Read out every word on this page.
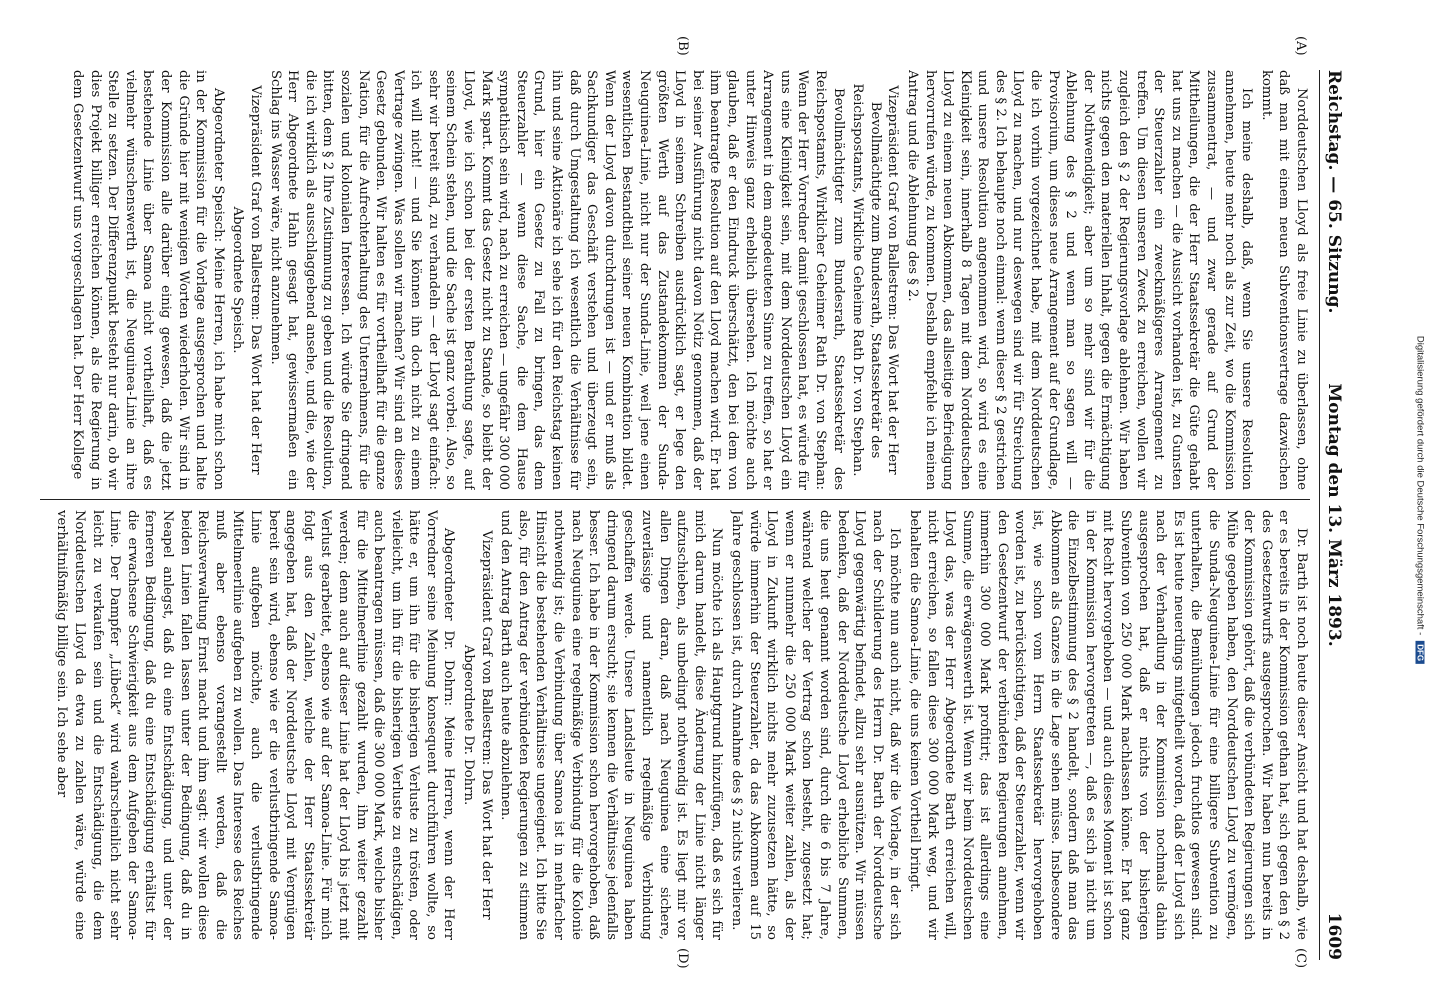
Reichstag. — 65. Sitzung.
Montag den 13. März 1893.
1609
(A)
(B)
(C)
(D)

Norddeutschen Lloyd als freie Linie zu überlassen, ohne daß man mit einem neuen Subventionsvertrage dazwischen kommt.

Ich meine deshalb, daß, wenn Sie unsere Resolution annehmen, heute mehr noch als zur Zeit, wo die Kommission zusammentrat, — und zwar gerade auf Grund der Mittheilungen, die der Herr Staatssekretär die Güte gehabt hat uns zu machen — die Aussicht vorhanden ist, zu Gunsten der Steuerzahler ein zweckmäßigeres Arrangement zu treffen. Um diesen unseren Zweck zu erreichen, wollen wir zugleich den § 2 der Regierungsvorlage ablehnen. Wir haben nichts gegen den materiellen Inhalt, gegen die Ermächtigung der Nothwendigkeit; aber um so mehr sind wir für die Ablehnung des § 2 und wenn man so sagen will — Provisorium, um dieses neue Arrangement auf der Grundlage, die ich vorhin vorgezeichnet habe, mit dem Norddeutschen Lloyd zu machen, und nur deswegen sind wir für Streichung des § 2. Ich behaupte noch einmal: wenn dieser § 2 gestrichen und unsere Resolution angenommen wird, so wird es eine Kleinigkeit sein, innerhalb 8 Tagen mit dem Norddeutschen Lloyd zu einem neuen Abkommen, das allseitige Befriedigung hervorrufen würde, zu kommen. Deshalb empfehle ich meinen Antrag und die Ablehnung des § 2.

Vizepräsident Graf von Ballestrem: Das Wort hat der Herr Bevollmächtigte zum Bundesrath, Staatssekretär des Reichspostamts, Wirkliche Geheime Rath Dr. von Stephan.

Bevollmächtigter zum Bundesrath, Staatssekretär des Reichspostamts, Wirklicher Geheimer Rath Dr. von Stephan: Wenn der Herr Vorredner damit geschlossen hat, es würde für uns eine Kleinigkeit sein, mit dem Norddeutschen Lloyd ein Arrangement in dem angedeuteten Sinne zu treffen, so hat er unter Hinweis ganz erheblich übersehen. Ich möchte auch glauben, daß er den Eindruck überschätzt, den bei dem von ihm beantragte Resolution auf den Lloyd machen wird. Er hat bei seiner Ausführung nicht davon Notiz genommen, daß der Lloyd in seinem Schreiben ausdrücklich sagt, er lege den größten Werth auf das Zustandekommen der Sunda-Neuguinea-Linie, nicht nur der Sunda-Linie, weil jene einen wesentlichen Bestandtheil seiner neuen Kombination bildet. Wenn der Lloyd davon durchdrungen ist — und er muß als Sachkundiger das Geschäft verstehen und überzeugt sein, daß durch Umgestaltung ich wesentlich die Verhältnisse für ihn und seine Aktionäre ich sehe ich für den Reichstag keinen Grund, hier ein Gesetz zu Fall zu bringen, das dem Steuerzahler — wenn diese Sache, die dem Hause sympathisch sein wird, nach zu erreichen — ungefähr 300 000 Mark spart. Kommt das Gesetz nicht zu Stande, so bleibt der Lloyd, wie ich schon bei der ersten Berathung sagte, auf seinem Schein stehen, und die Sache ist ganz vorbei. Also, so sehr wir bereit sind, zu verhandeln — der Lloyd sagt einfach: ich will nicht! — und Sie können ihn doch nicht zu einem Vertrage zwingen. Was sollen wir machen? Wir sind an dieses Gesetz gebunden. Wir halten es für vortheilhaft für die ganze Nation, für die Aufrechterhaltung des Unternehmens, für die sozialen und kolonialen Interessen. Ich würde Sie dringend bitten, dem § 2 Ihre Zustimmung zu geben und die Resolution, die ich wirklich als ausschlaggebend ansehe, und die, wie der Herr Abgeordnete Hahn gesagt hat, gewissermaßen ein Schlag ins Wasser wäre, nicht anzunehmen.

Vizepräsident Graf von Ballestrem: Das Wort hat der Herr Abgeordnete Speisch.

Abgeordneter Speisch: Meine Herren, ich habe mich schon in der Kommission für die Vorlage ausgesprochen und halte die Gründe hier mit wenigen Worten wiederholen. Wir sind in der Kommission alle darüber einig gewesen, daß die jetzt bestehende Linie über Samoa nicht vortheilhaft, daß es vielmehr wünschenswerth ist, die Neuguinea-Linie an ihre Stelle zu setzen. Der Differenzpunkt besteht nur darin, ob wir dies Projekt billiger erreichen können, als die Regierung in dem Gesetzentwurf uns vorgeschlagen hat. Der Herr Kollege

Dr. Barth ist noch heute dieser Ansicht und hat deshalb, wie er es bereits in der Kommission gethan hat, sich gegen den § 2 des Gesetzentwurfs ausgesprochen. Wir haben nun bereits in der Kommission gehört, daß die verbündeten Regierungen sich Mühe gegeben haben, den Norddeutschen Lloyd zu vermögen, die Sunda-Neuguinea-Linie für eine billigere Subvention zu unterhalten, die Bemühungen jedoch fruchtlos gewesen sind. Es ist heute neuerdings mitgetheilt worden, daß der Lloyd sich nach der Verhandlung in der Kommission nochmals dahin ausgesprochen hat, daß er nichts von der bisherigen Subvention von 250 000 Mark nachlassen könne. Er hat ganz mit Recht hervorgehoben — und auch dieses Moment ist schon in der Kommission hervorgetreten —, daß es sich ja nicht um die Einzelbestimmung des § 2 handelt, sondern daß man das Abkommen als Ganzes in die Lage sehen müsse. Insbesondere ist, wie schon vom Herrn Staatssekretär hervorgehoben worden ist, zu berücksichtigen, daß der Steuerzahler, wenn wir den Gesetzentwurf der verbündeten Regierungen annehmen, immerhin 300 000 Mark profitirt; das ist allerdings eine Summe, die erwägenswerth ist. Wenn wir beim Norddeutschen Lloyd das, was der Herr Abgeordnete Barth erreichen will, nicht erreichen, so fallen diese 300 000 Mark weg, und wir behalten die Samoa-Linie, die uns keinen Vortheil bringt.

Ich möchte nun auch nicht, daß wir die Vorlage, in der sich nach der Schilderung des Herrn Dr. Barth der Norddeutsche Lloyd gegenwärtig befindet, allzu sehr ausnützen. Wir müssen bedenken, daß der Norddeutsche Lloyd erhebliche Summen, die uns heut genannt worden sind, durch die 6 bis 7 Jahre, während welcher der Vertrag schon besteht, zugesetzt hat; wenn er nunmehr die 250 000 Mark weiter zahlen, als der Lloyd in Zukunft wirklich nichts mehr zuzusetzen hätte, so würde immerhin der Steuerzahler, da das Abkommen auf 15 Jahre geschlossen ist, durch Annahme des § 2 nichts verlieren.

Nun möchte ich als Hauptgrund hinzufügen, daß es sich für mich darum handelt, diese Änderung der Linie nicht länger aufzuschieben, als unbedingt nothwendig ist. Es liegt mir vor allen Dingen daran, daß nach Neuguinea eine sichere, zuverlässige und namentlich regelmäßige Verbindung geschaffen werde. Unsere Landsleute in Neuguinea haben dringend darum ersucht; sie kennen die Verhältnisse jedenfalls besser. Ich habe in der Kommission schon hervorgehoben, daß nach Neuguinea eine regelmäßige Verbindung für die Kolonie nothwendig ist; die Verbindung über Samoa ist in mehrfacher Hinsicht die bestehenden Verhältnisse ungeeignet. Ich bitte Sie also, für den Antrag der verbündeten Regierungen zu stimmen und den Antrag Barth auch heute abzulehnen.

Vizepräsident Graf von Ballestrem: Das Wort hat der Herr Abgeordnete Dr. Dohrn.

Abgeordneter Dr. Dohrn: Meine Herren, wenn der Herr Vorredner seine Meinung konsequent durchführen wollte, so hätte er, um ihn für die bisherigen Verluste zu trösten, oder vielleicht, um ihn für die bisherigen Verluste zu entschädigen, auch beantragen müssen, daß die 300 000 Mark, welche bisher für die Mittelmeerlinie gezahlt wurden, ihm weiter gezahlt werden; denn auch auf dieser Linie hat der Lloyd bis jetzt mit Verlust gearbeitet, ebenso wie auf der Samoa-Linie. Für mich folgt aus den Zahlen, welche der Herr Staatssekretär angegeben hat, daß der Norddeutsche Lloyd mit Vergnügen bereit sein wird, ebenso wie er die verlustbringende Samoa-Linie aufgeben möchte, auch die verlustbringende Mittelmeerlinie aufgeben zu wollen. Das Interesse des Reiches muß aber ebenso vorangestellt werden, daß die Reichsverwaltung Ernst macht und ihm sagt: wir wollen diese beiden Linien fallen lassen unter der Bedingung, daß du in Neapel anlegst, daß du eine Entschädigung, und unter der ferneren Bedingung, daß du eine Entschädigung erhältst für die erwachsene Schwierigkeit aus dem Aufgeben der Samoa-Linie. Der Dampfer „Lübeck“ wird wahrscheinlich nicht sehr leicht zu verkaufen sein und die Entschädigung, die dem Norddeutschen Lloyd da etwa zu zahlen wäre, würde eine verhältnißmäßig billige sein. Ich sehe aber

Digitalisierung gefördert durch die Deutsche Forschungsgemeinschaft -DFG
